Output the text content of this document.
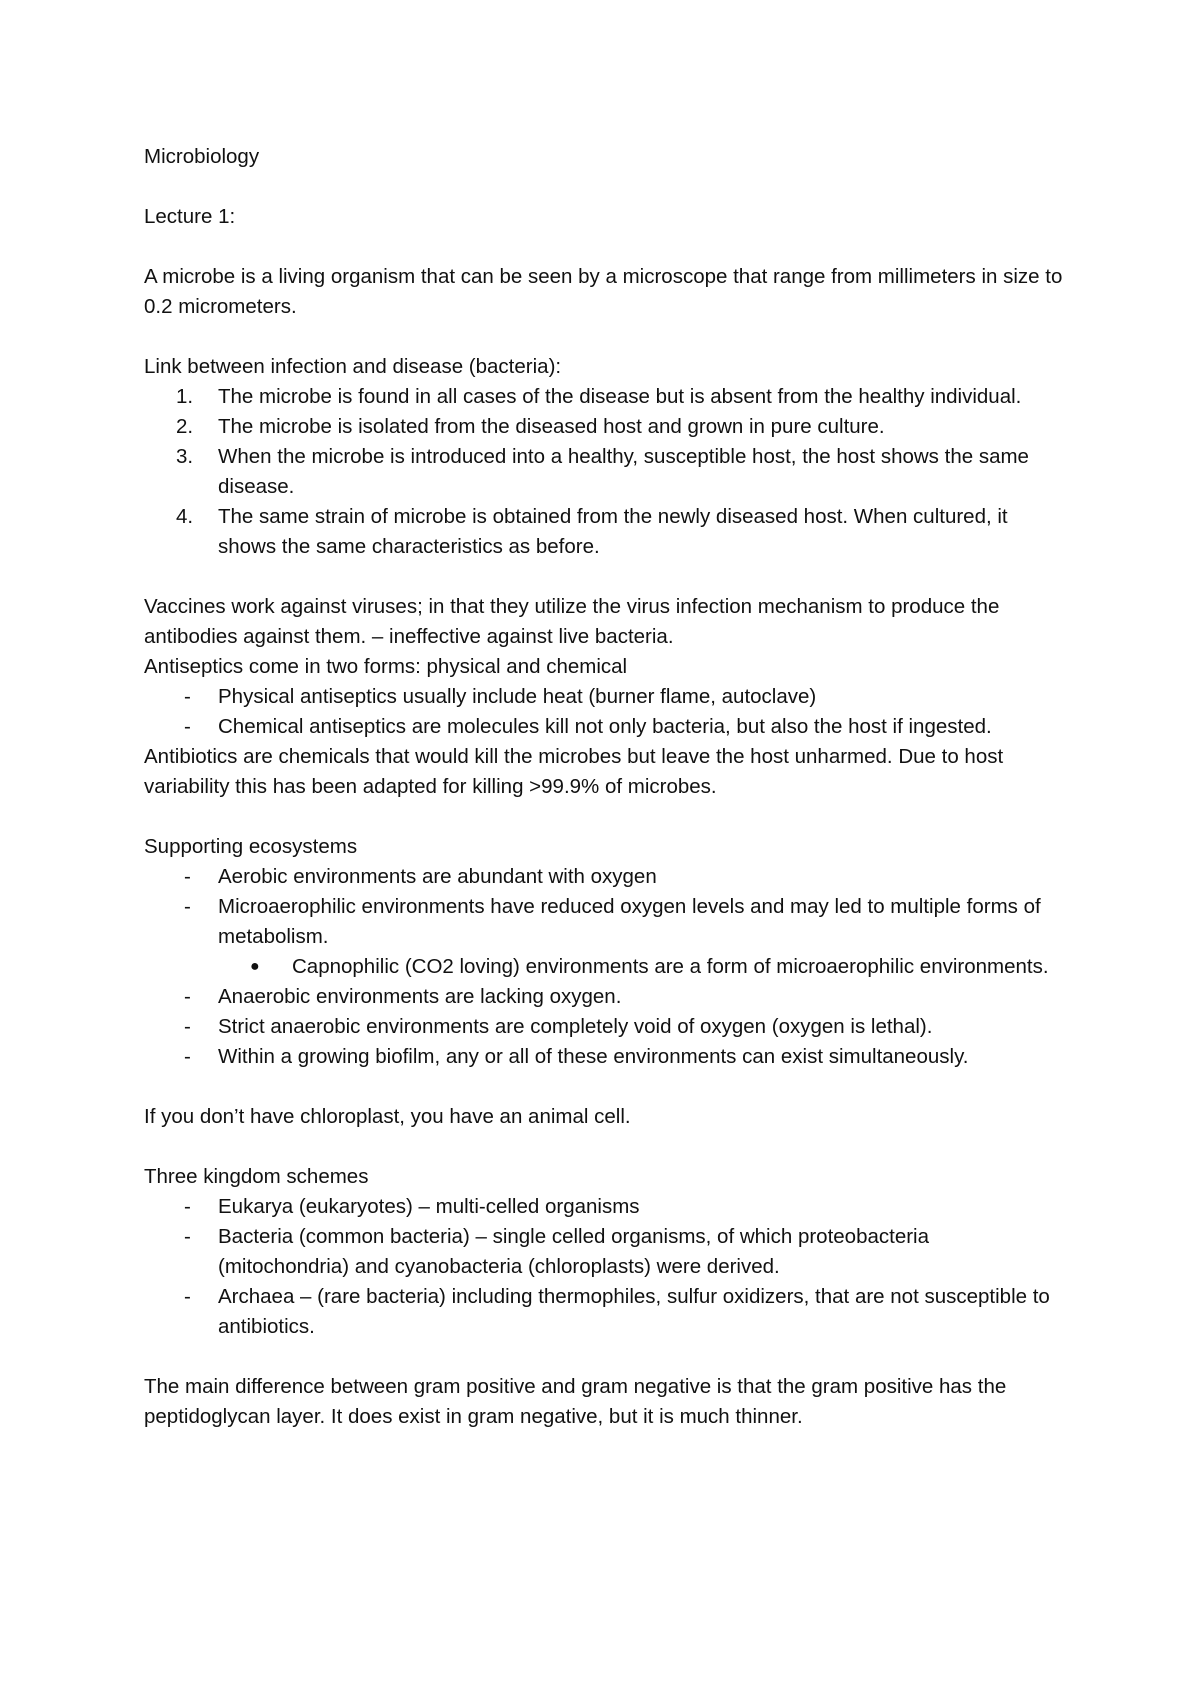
Microbiology

Lecture 1:

A microbe is a living organism that can be seen by a microscope that range from millimeters in size to 0.2 micrometers.

Link between infection and disease (bacteria):

1. The microbe is found in all cases of the disease but is absent from the healthy individual.
2. The microbe is isolated from the diseased host and grown in pure culture.
3. When the microbe is introduced into a healthy, susceptible host, the host shows the same disease.
4. The same strain of microbe is obtained from the newly diseased host. When cultured, it shows the same characteristics as before.

Vaccines work against viruses; in that they utilize the virus infection mechanism to produce the antibodies against them. – ineffective against live bacteria.

Antiseptics come in two forms: physical and chemical

- Physical antiseptics usually include heat (burner flame, autoclave)
- Chemical antiseptics are molecules kill not only bacteria, but also the host if ingested.

Antibiotics are chemicals that would kill the microbes but leave the host unharmed. Due to host variability this has been adapted for killing >99.9% of microbes.

Supporting ecosystems

- Aerobic environments are abundant with oxygen
- Microaerophilic environments have reduced oxygen levels and may led to multiple forms of metabolism.
● Capnophilic (CO2 loving) environments are a form of microaerophilic environments.
- Anaerobic environments are lacking oxygen.
- Strict anaerobic environments are completely void of oxygen (oxygen is lethal).
- Within a growing biofilm, any or all of these environments can exist simultaneously.

If you don’t have chloroplast, you have an animal cell.

Three kingdom schemes

- Eukarya (eukaryotes) – multi-celled organisms
- Bacteria (common bacteria) – single celled organisms, of which proteobacteria (mitochondria) and cyanobacteria (chloroplasts) were derived.
- Archaea – (rare bacteria) including thermophiles, sulfur oxidizers, that are not susceptible to antibiotics.

The main difference between gram positive and gram negative is that the gram positive has the peptidoglycan layer. It does exist in gram negative, but it is much thinner.
